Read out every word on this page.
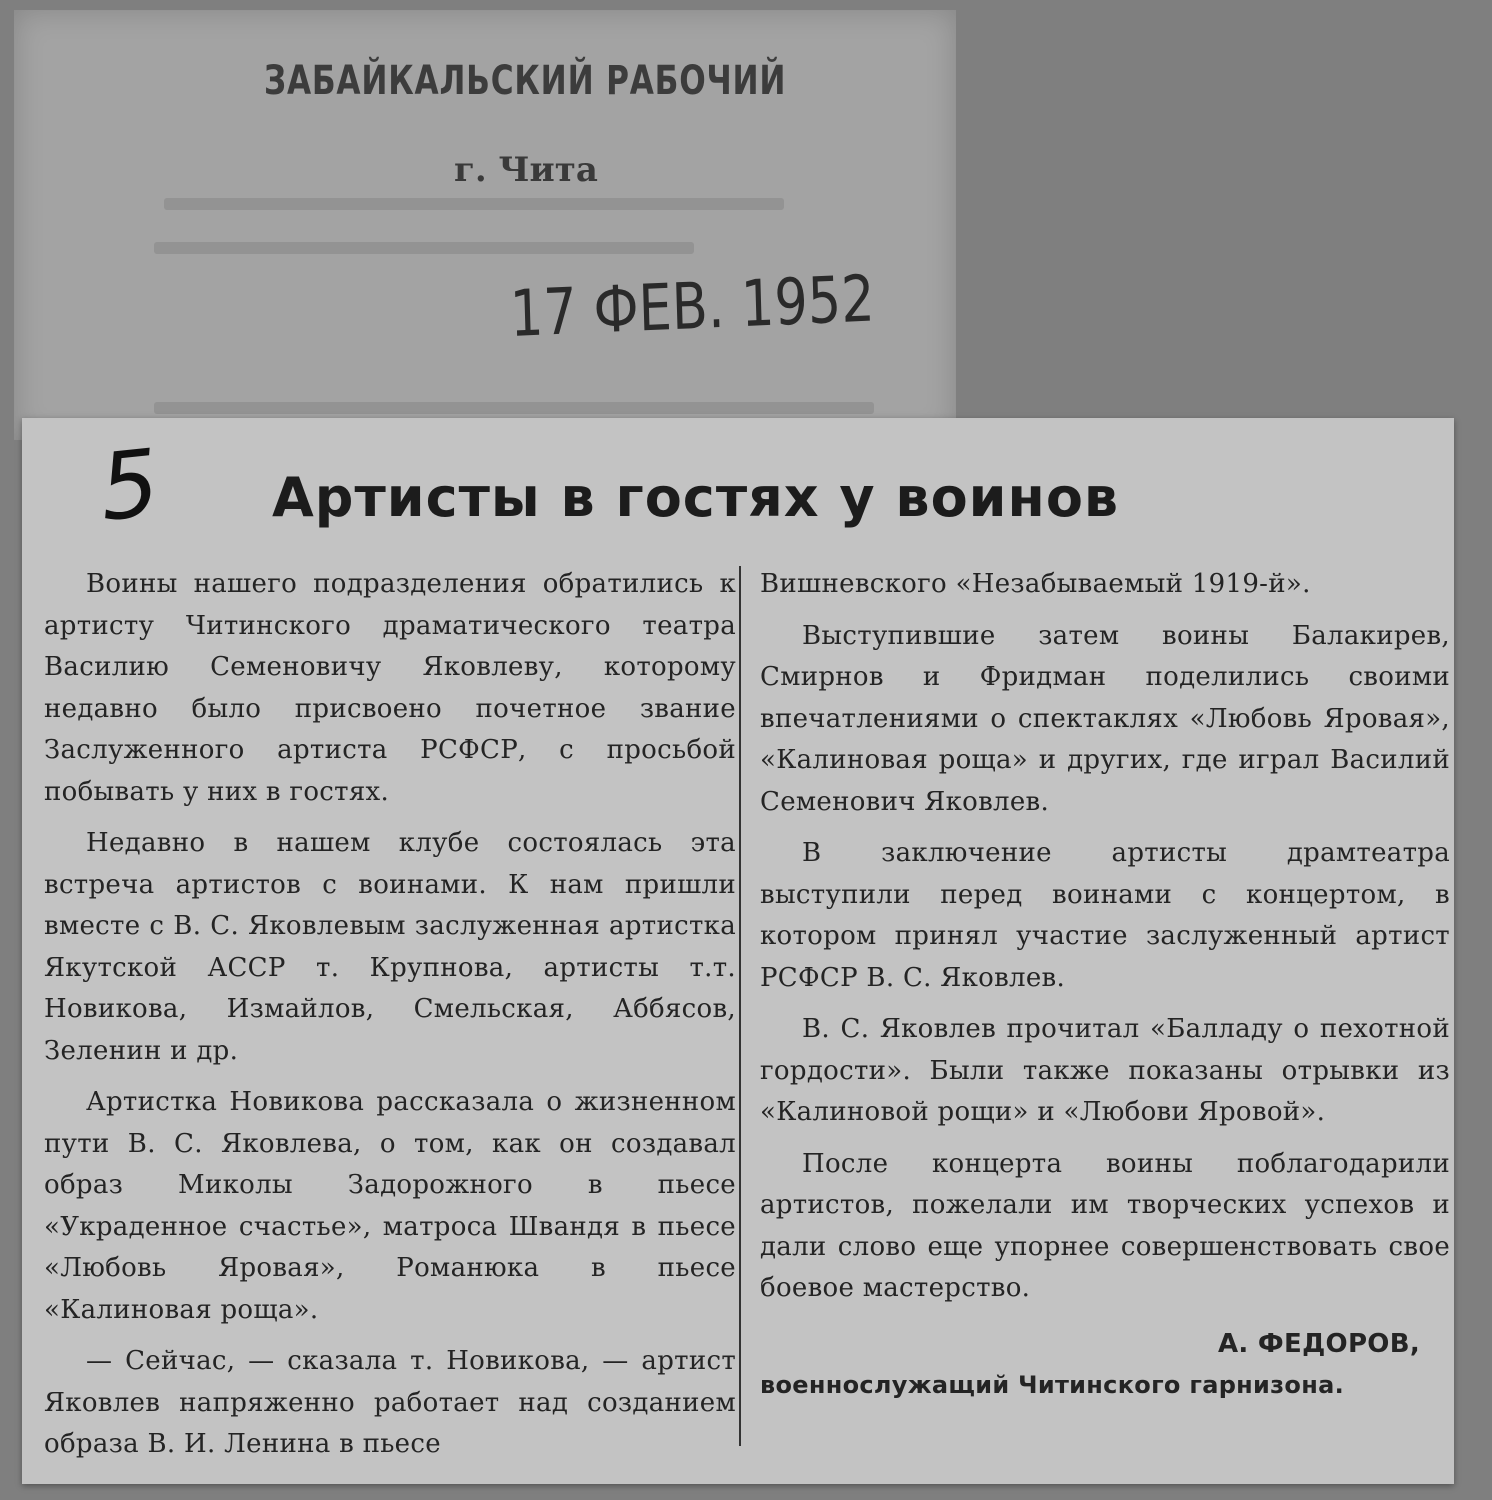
ЗАБАЙКАЛЬСКИЙ РАБОЧИЙ
г. Чита
17 ФЕВ. 1952
5 Артисты в гостях у воинов

Воины нашего подразделения обратились к артисту Читинского драматического театра Василию Семеновичу Яковлеву, которому недавно было присвоено почетное звание Заслуженного артиста РСФСР, с просьбой побывать у них в гостях.

Недавно в нашем клубе состоялась эта встреча артистов с воинами. К нам пришли вместе с В. С. Яковлевым заслуженная артистка Якутской АССР т. Крупнова, артисты т.т. Новикова, Измайлов, Смельская, Аббясов, Зеленин и др.

Артистка Новикова рассказала о жизненном пути В. С. Яковлева, о том, как он создавал образ Миколы Задорожного в пьесе «Украденное счастье», матроса Швандя в пьесе «Любовь Яровая», Романюка в пьесе «Калиновая роща».

— Сейчас, — сказала т. Новикова, — артист Яковлев напряженно работает над созданием образа В. И. Ленина в пьесе

Вишневского «Незабываемый 1919-й».

Выступившие затем воины Балакирев, Смирнов и Фридман поделились своими впечатлениями о спектаклях «Любовь Яровая», «Калиновая роща» и других, где играл Василий Семенович Яковлев.

В заключение артисты драмтеатра выступили перед воинами с концертом, в котором принял участие заслуженный артист РСФСР В. С. Яковлев.

В. С. Яковлев прочитал «Балладу о пехотной гордости». Были также показаны отрывки из «Калиновой рощи» и «Любови Яровой».

После концерта воины поблагодарили артистов, пожелали им творческих успехов и дали слово еще упорнее совершенствовать свое боевое мастерство.

А. ФЕДОРОВ,

военнослужащий Читинского гарнизона.
